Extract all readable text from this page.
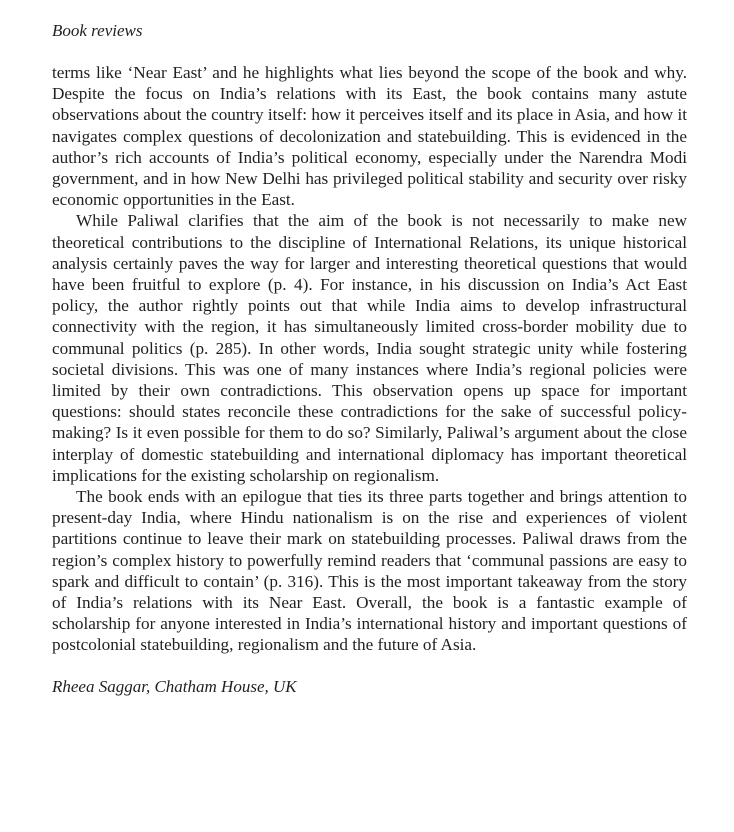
Book reviews

terms like ‘Near East’ and he highlights what lies beyond the scope of the book and why. Despite the focus on India’s relations with its East, the book contains many astute observations about the country itself: how it perceives itself and its place in Asia, and how it navigates complex questions of decolonization and statebuilding. This is evidenced in the author’s rich accounts of India’s political economy, especially under the Narendra Modi government, and in how New Delhi has privileged political stability and security over risky economic opportunities in the East.

While Paliwal clarifies that the aim of the book is not necessarily to make new theoretical contributions to the discipline of International Relations, its unique historical analysis certainly paves the way for larger and interesting theoretical questions that would have been fruitful to explore (p. 4). For instance, in his discussion on India’s Act East policy, the author rightly points out that while India aims to develop infrastructural connectivity with the region, it has simultaneously limited cross-border mobility due to communal politics (p. 285). In other words, India sought strategic unity while fostering societal divisions. This was one of many instances where India’s regional policies were limited by their own contradictions. This observation opens up space for important questions: should states reconcile these contradictions for the sake of successful policy-making? Is it even possible for them to do so? Similarly, Paliwal’s argument about the close interplay of domestic statebuilding and international diplomacy has important theoretical implications for the existing scholarship on regionalism.

The book ends with an epilogue that ties its three parts together and brings attention to present-day India, where Hindu nationalism is on the rise and experiences of violent partitions continue to leave their mark on statebuilding processes. Paliwal draws from the region’s complex history to powerfully remind readers that ‘communal passions are easy to spark and difficult to contain’ (p. 316). This is the most important takeaway from the story of India’s relations with its Near East. Overall, the book is a fantastic example of scholarship for anyone interested in India’s international history and important questions of postcolonial statebuilding, regionalism and the future of Asia.

Rheea Saggar, Chatham House, UK
